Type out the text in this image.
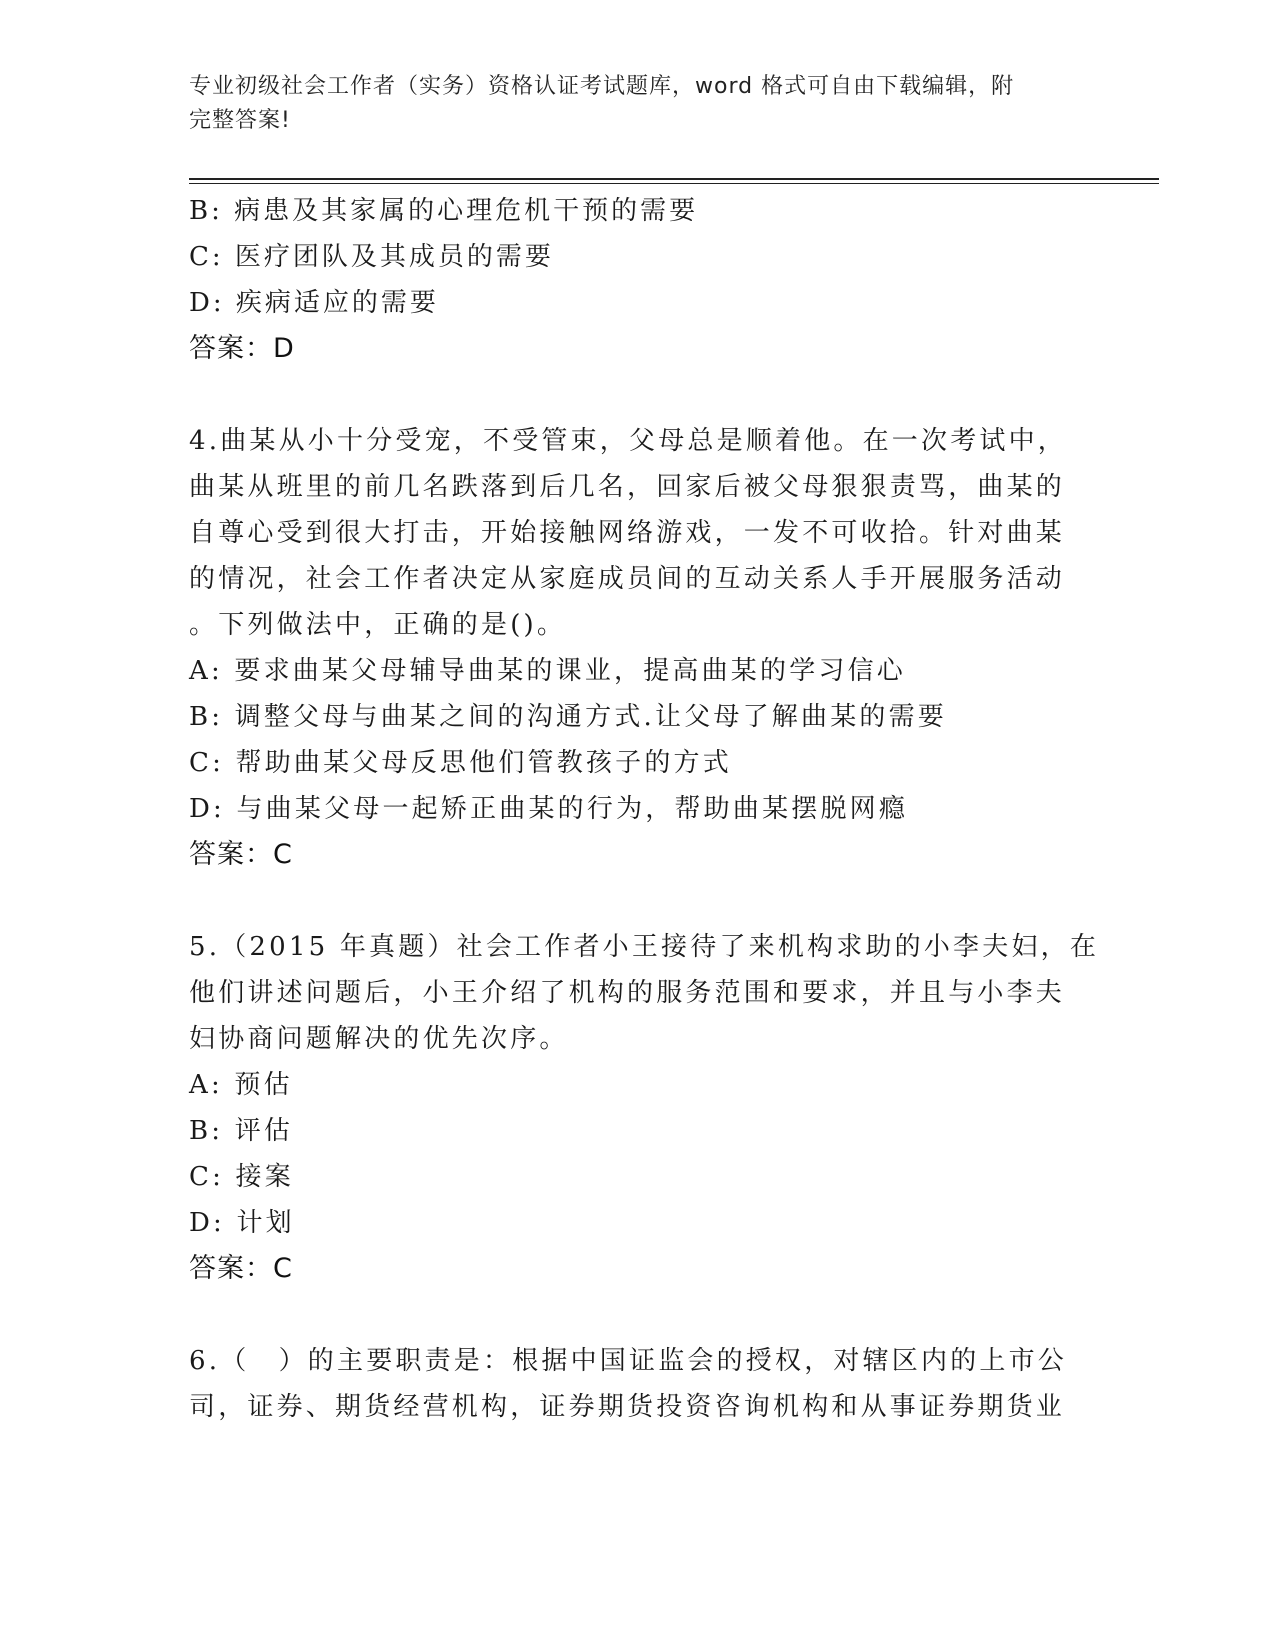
专业初级社会工作者（实务）资格认证考试题库，word 格式可自由下载编辑，附
完整答案!
B: 病患及其家属的心理危机干预的需要
C: 医疗团队及其成员的需要
D: 疾病适应的需要
答案：D
4.曲某从小十分受宠，不受管束，父母总是顺着他。在一次考试中，
曲某从班里的前几名跌落到后几名，回家后被父母狠狠责骂，曲某的
自尊心受到很大打击，开始接触网络游戏，一发不可收拾。针对曲某
的情况，社会工作者决定从家庭成员间的互动关系人手开展服务活动
。下列做法中，正确的是()。
A: 要求曲某父母辅导曲某的课业，提高曲某的学习信心
B: 调整父母与曲某之间的沟通方式.让父母了解曲某的需要
C: 帮助曲某父母反思他们管教孩子的方式
D: 与曲某父母一起矫正曲某的行为，帮助曲某摆脱网瘾
答案：C
5.（2015 年真题）社会工作者小王接待了来机构求助的小李夫妇，在
他们讲述问题后，小王介绍了机构的服务范围和要求，并且与小李夫
妇协商问题解决的优先次序。
A: 预估
B: 评估
C: 接案
D: 计划
答案：C
6.（　）的主要职责是：根据中国证监会的授权，对辖区内的上市公
司，证券、期货经营机构，证券期货投资咨询机构和从事证券期货业
